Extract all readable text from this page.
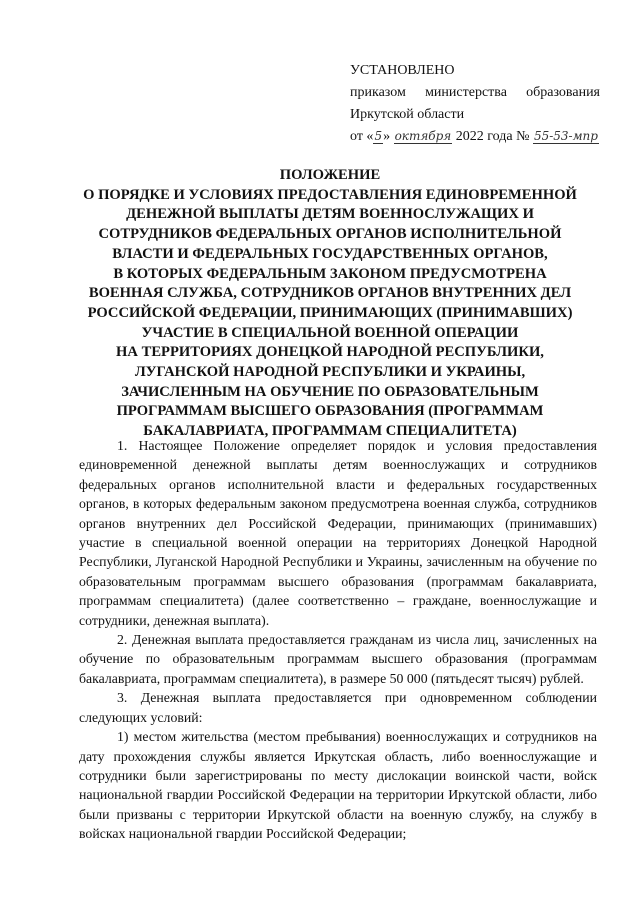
УСТАНОВЛЕНО
приказом министерства образования
Иркутской области
от «5» октября 2022 года № 55-53-мпр
ПОЛОЖЕНИЕ
О ПОРЯДКЕ И УСЛОВИЯХ ПРЕДОСТАВЛЕНИЯ ЕДИНОВРЕМЕННОЙ
ДЕНЕЖНОЙ ВЫПЛАТЫ ДЕТЯМ ВОЕННОСЛУЖАЩИХ И
СОТРУДНИКОВ ФЕДЕРАЛЬНЫХ ОРГАНОВ ИСПОЛНИТЕЛЬНОЙ
ВЛАСТИ И ФЕДЕРАЛЬНЫХ ГОСУДАРСТВЕННЫХ ОРГАНОВ,
В КОТОРЫХ ФЕДЕРАЛЬНЫМ ЗАКОНОМ ПРЕДУСМОТРЕНА
ВОЕННАЯ СЛУЖБА, СОТРУДНИКОВ ОРГАНОВ ВНУТРЕННИХ ДЕЛ
РОССИЙСКОЙ ФЕДЕРАЦИИ, ПРИНИМАЮЩИХ (ПРИНИМАВШИХ)
УЧАСТИЕ В СПЕЦИАЛЬНОЙ ВОЕННОЙ ОПЕРАЦИИ
НА ТЕРРИТОРИЯХ ДОНЕЦКОЙ НАРОДНОЙ РЕСПУБЛИКИ,
ЛУГАНСКОЙ НАРОДНОЙ РЕСПУБЛИКИ И УКРАИНЫ,
ЗАЧИСЛЕННЫМ НА ОБУЧЕНИЕ ПО ОБРАЗОВАТЕЛЬНЫМ
ПРОГРАММАМ ВЫСШЕГО ОБРАЗОВАНИЯ (ПРОГРАММАМ
БАКАЛАВРИАТА, ПРОГРАММАМ СПЕЦИАЛИТЕТА)

1. Настоящее Положение определяет порядок и условия предоставления единовременной денежной выплаты детям военнослужащих и сотрудников федеральных органов исполнительной власти и федеральных государственных органов, в которых федеральным законом предусмотрена военная служба, сотрудников органов внутренних дел Российской Федерации, принимающих (принимавших) участие в специальной военной операции на территориях Донецкой Народной Республики, Луганской Народной Республики и Украины, зачисленным на обучение по образовательным программам высшего образования (программам бакалавриата, программам специалитета) (далее соответственно – граждане, военнослужащие и сотрудники, денежная выплата).

2. Денежная выплата предоставляется гражданам из числа лиц, зачисленных на обучение по образовательным программам высшего образования (программам бакалавриата, программам специалитета), в размере 50 000 (пятьдесят тысяч) рублей.

3. Денежная выплата предоставляется при одновременном соблюдении следующих условий:

1) местом жительства (местом пребывания) военнослужащих и сотрудников на дату прохождения службы является Иркутская область, либо военнослужащие и сотрудники были зарегистрированы по месту дислокации воинской части, войск национальной гвардии Российской Федерации на территории Иркутской области, либо были призваны с территории Иркутской области на военную службу, на службу в войсках национальной гвардии Российской Федерации;
